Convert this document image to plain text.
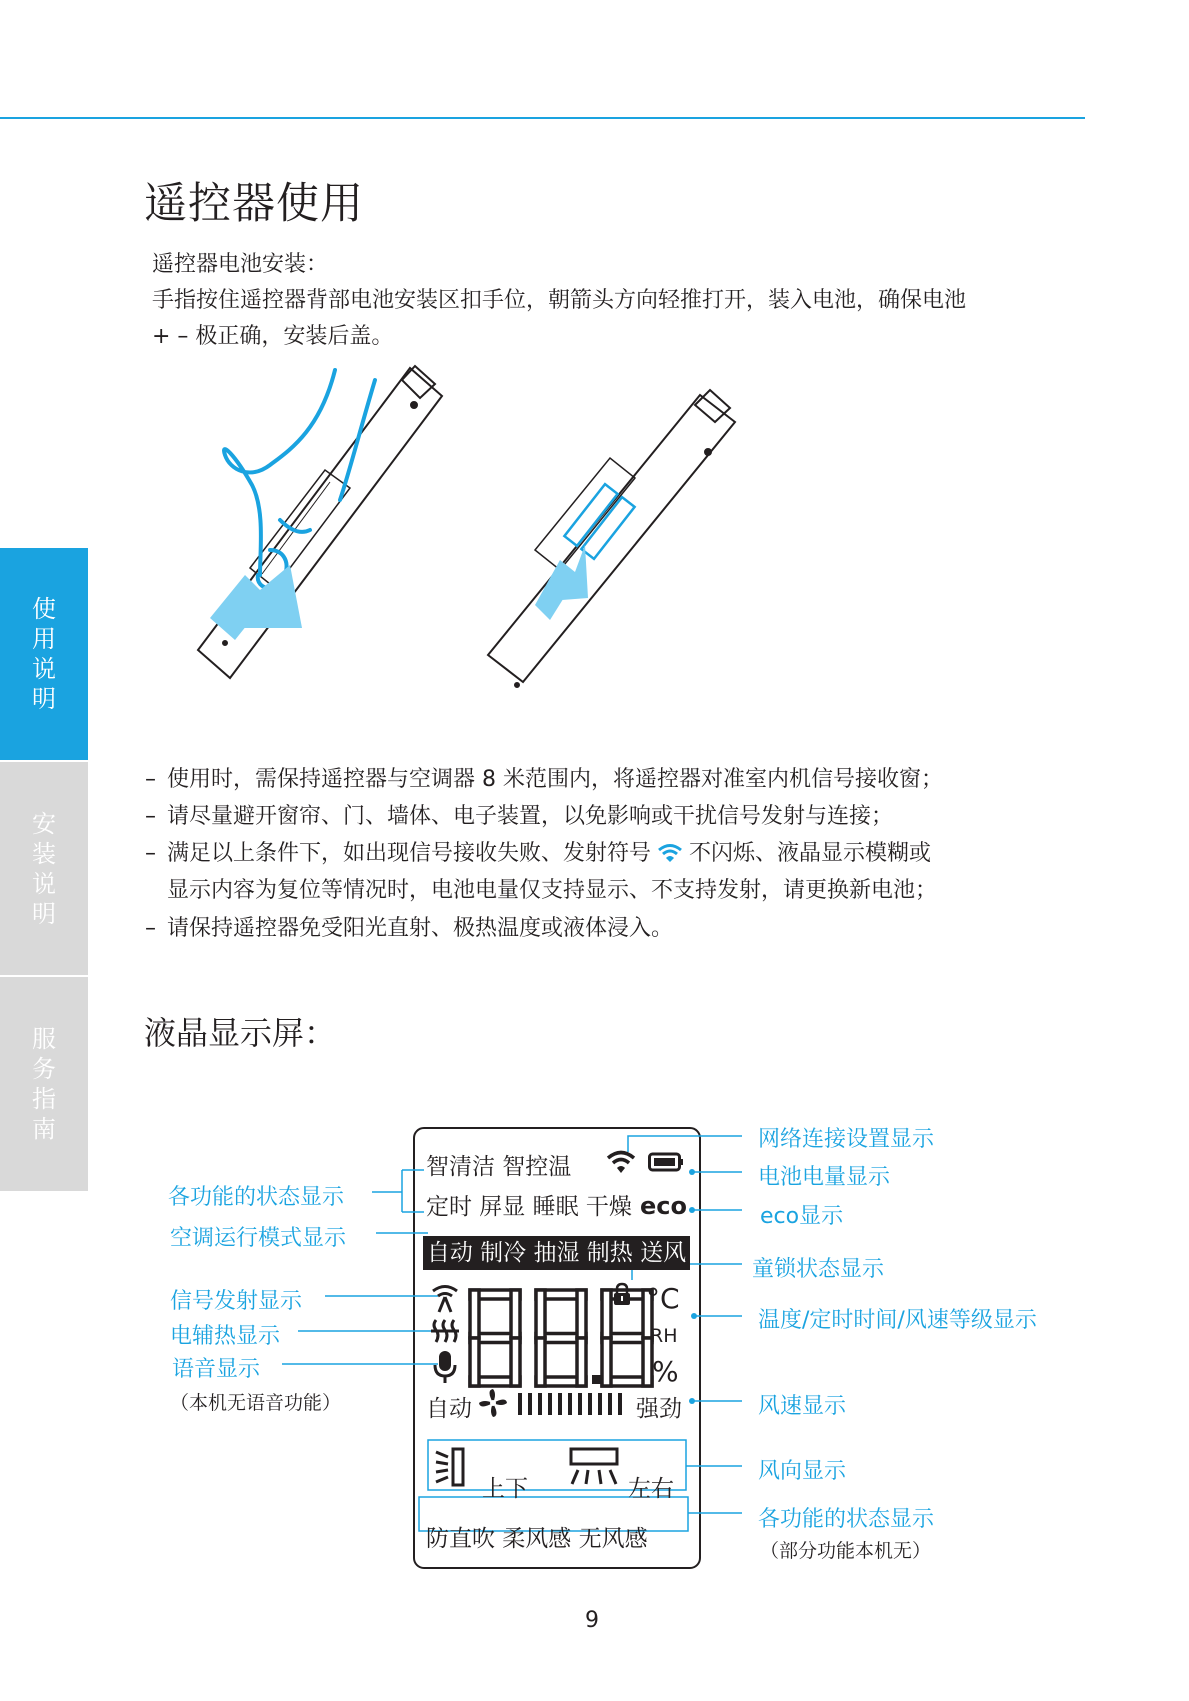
遥控器使用
遥控器电池安装：
手指按住遥控器背部电池安装区扣手位，朝箭头方向轻推打开，装入电池，确保电池
+ – 极正确，安装后盖。
使
用
说
明
安
装
说
明
服
务
指
南
– 使用时，需保持遥控器与空调器 8 米范围内，将遥控器对准室内机信号接收窗；
– 请尽量避开窗帘、门、墙体、电子装置，以免影响或干扰信号发射与连接；
– 满足以上条件下，如出现信号接收失败、发射符号 不闪烁、液晶显示模糊或
显示内容为复位等情况时，电池电量仅支持显示、不支持发射，请更换新电池；
– 请保持遥控器免受阳光直射、极热温度或液体浸入。
液晶显示屏：
智清洁 智控温
定时 屏显 睡眠 干燥 eco
自动 制冷 抽湿 制热 送风
°C
RH
%
自动	强劲
上下	左右
防直吹 柔风感 无风感
各功能的状态显示
空调运行模式显示
信号发射显示
电辅热显示
语音显示
（本机无语音功能）
网络连接设置显示
电池电量显示
eco显示
童锁状态显示
温度/定时时间/风速等级显示
风速显示
风向显示
各功能的状态显示
（部分功能本机无）
9
